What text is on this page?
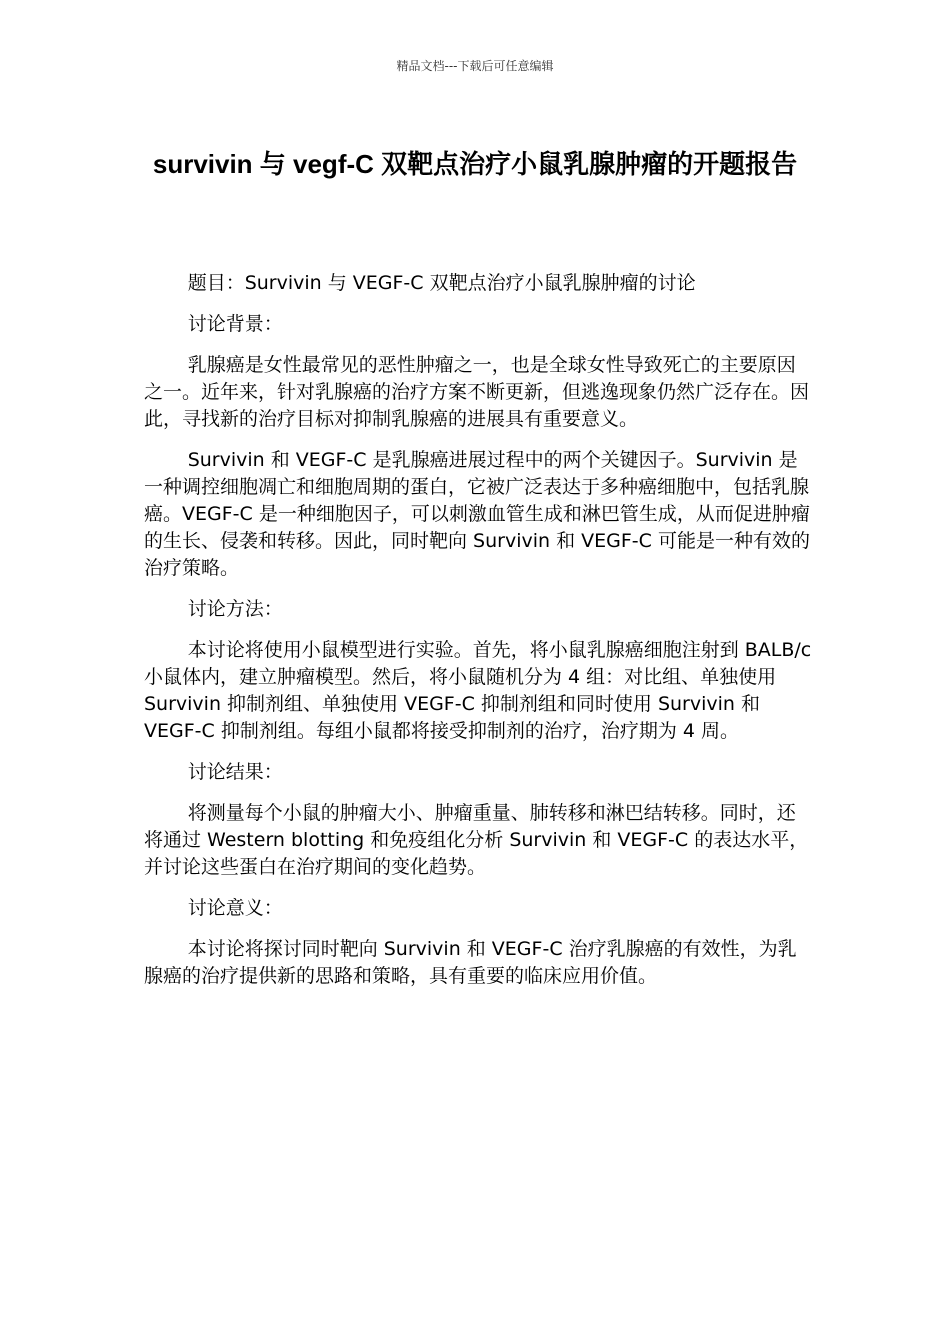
精品文档---下载后可任意编辑
survivin 与 vegf-C 双靶点治疗小鼠乳腺肿瘤的开题报告

题目：Survivin 与 VEGF-C 双靶点治疗小鼠乳腺肿瘤的讨论

讨论背景：

乳腺癌是女性最常见的恶性肿瘤之一，也是全球女性导致死亡的主要原因之一。近年来，针对乳腺癌的治疗方案不断更新，但逃逸现象仍然广泛存在。因此，寻找新的治疗目标对抑制乳腺癌的进展具有重要意义。

Survivin 和 VEGF-C 是乳腺癌进展过程中的两个关键因子。Survivin 是一种调控细胞凋亡和细胞周期的蛋白，它被广泛表达于多种癌细胞中，包括乳腺癌。VEGF-C 是一种细胞因子，可以刺激血管生成和淋巴管生成，从而促进肿瘤的生长、侵袭和转移。因此，同时靶向 Survivin 和 VEGF-C 可能是一种有效的治疗策略。

讨论方法：

本讨论将使用小鼠模型进行实验。首先，将小鼠乳腺癌细胞注射到 BALB/c 小鼠体内，建立肿瘤模型。然后，将小鼠随机分为 4 组：对比组、单独使用 Survivin 抑制剂组、单独使用 VEGF-C 抑制剂组和同时使用 Survivin 和 VEGF-C 抑制剂组。每组小鼠都将接受抑制剂的治疗，治疗期为 4 周。

讨论结果：

将测量每个小鼠的肿瘤大小、肿瘤重量、肺转移和淋巴结转移。同时，还将通过 Western blotting 和免疫组化分析 Survivin 和 VEGF-C 的表达水平，并讨论这些蛋白在治疗期间的变化趋势。

讨论意义：

本讨论将探讨同时靶向 Survivin 和 VEGF-C 治疗乳腺癌的有效性，为乳腺癌的治疗提供新的思路和策略，具有重要的临床应用价值。
